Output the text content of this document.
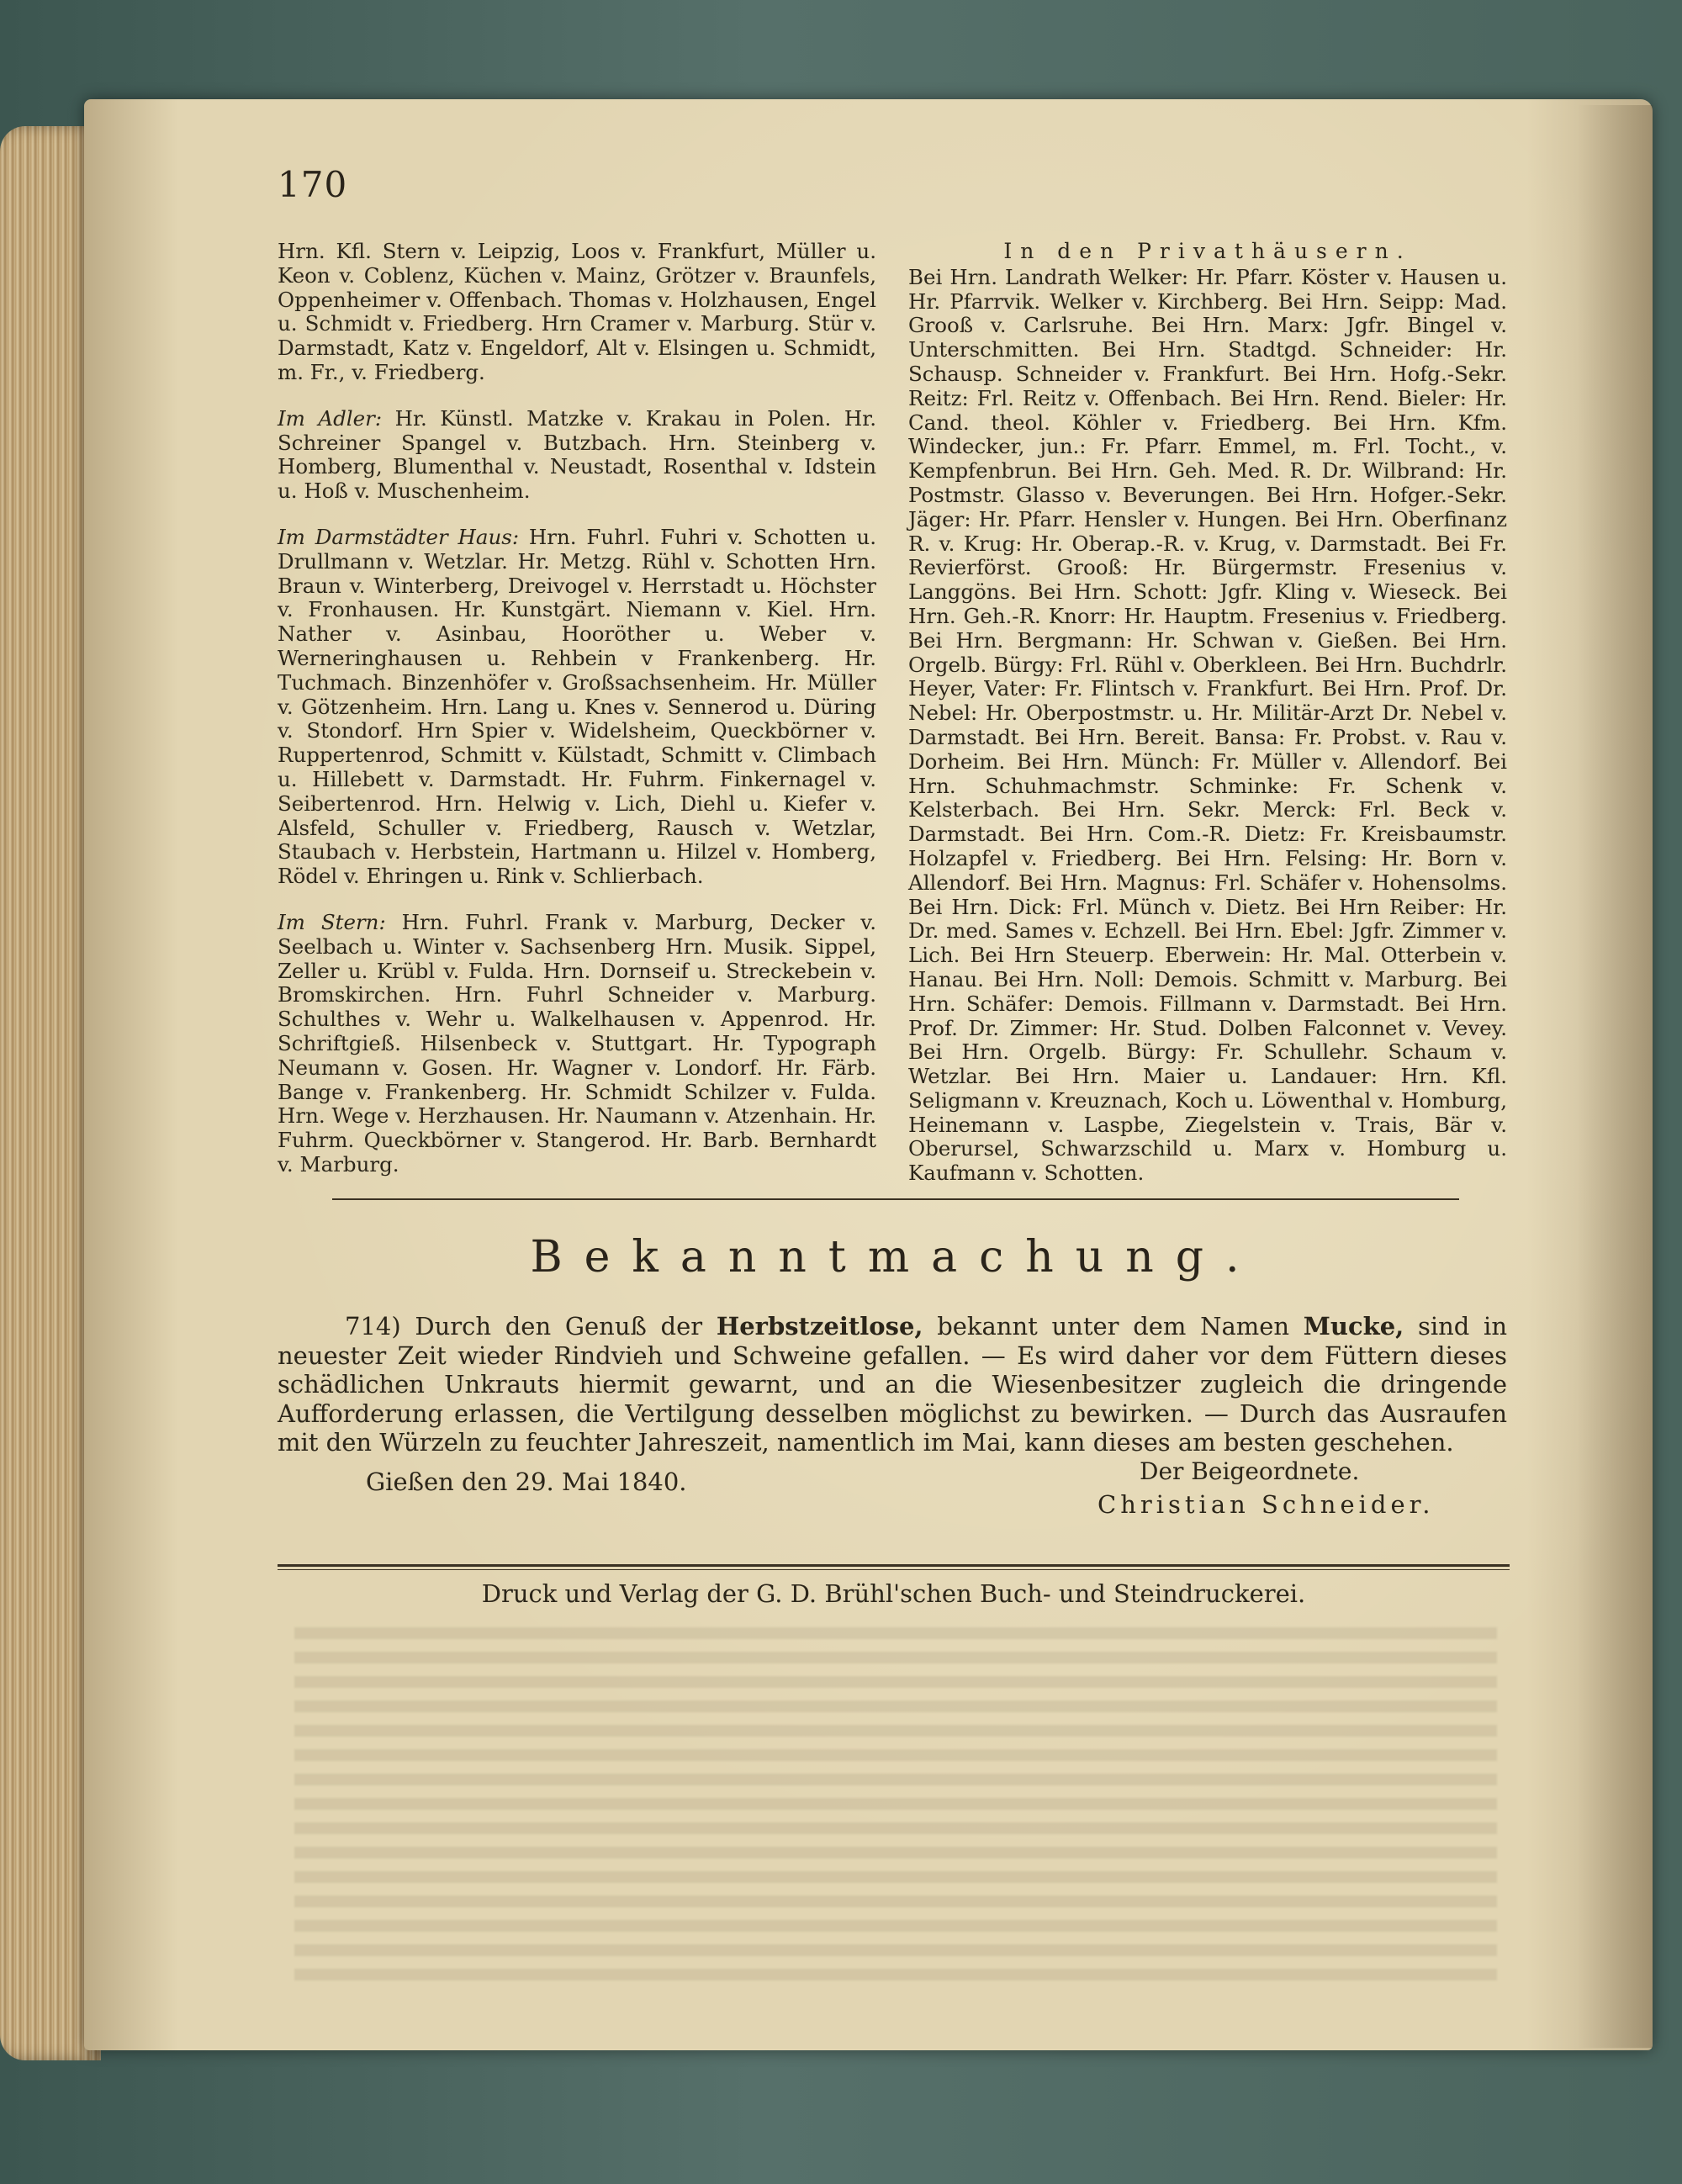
170

Hrn. Kfl. Stern v. Leipzig, Loos v. Frankfurt, Müller u. Keon v. Coblenz, Küchen v. Mainz, Grötzer v. Braunfels, Oppenheimer v. Offenbach. Thomas v. Holzhausen, Engel u. Schmidt v. Friedberg. Hrn Cramer v. Marburg. Stür v. Darmstadt, Katz v. Engeldorf, Alt v. Elsingen u. Schmidt, m. Fr., v. Friedberg.

Im Adler: Hr. Künstl. Matzke v. Krakau in Polen. Hr. Schreiner Spangel v. Butzbach. Hrn. Steinberg v. Homberg, Blumenthal v. Neustadt, Rosenthal v. Idstein u. Hoß v. Muschenheim.

Im Darmstädter Haus: Hrn. Fuhrl. Fuhri v. Schotten u. Drullmann v. Wetzlar. Hr. Metzg. Rühl v. Schotten Hrn. Braun v. Winterberg, Dreivogel v. Herrstadt u. Höchster v. Fronhausen. Hr. Kunstgärt. Niemann v. Kiel. Hrn. Nather v. Asinbau, Hooröther u. Weber v. Werneringhausen u. Rehbein v Frankenberg. Hr. Tuchmach. Binzenhöfer v. Großsachsenheim. Hr. Müller v. Götzenheim. Hrn. Lang u. Knes v. Sennerod u. Düring v. Stondorf. Hrn Spier v. Widelsheim, Queckbörner v. Ruppertenrod, Schmitt v. Külstadt, Schmitt v. Climbach u. Hillebett v. Darmstadt. Hr. Fuhrm. Finkernagel v. Seibertenrod. Hrn. Helwig v. Lich, Diehl u. Kiefer v. Alsfeld, Schuller v. Friedberg, Rausch v. Wetzlar, Staubach v. Herbstein, Hartmann u. Hilzel v. Homberg, Rödel v. Ehringen u. Rink v. Schlierbach.

Im Stern: Hrn. Fuhrl. Frank v. Marburg, Decker v. Seelbach u. Winter v. Sachsenberg Hrn. Musik. Sippel, Zeller u. Krübl v. Fulda. Hrn. Dornseif u. Streckebein v. Bromskirchen. Hrn. Fuhrl Schneider v. Marburg. Schulthes v. Wehr u. Walkelhausen v. Appenrod. Hr. Schriftgieß. Hilsenbeck v. Stuttgart. Hr. Typograph Neumann v. Gosen. Hr. Wagner v. Londorf. Hr. Färb. Bange v. Frankenberg. Hr. Schmidt Schilzer v. Fulda. Hrn. Wege v. Herzhausen. Hr. Naumann v. Atzenhain. Hr. Fuhrm. Queckbörner v. Stangerod. Hr. Barb. Bernhardt v. Marburg.

In den Privathäusern.

Bei Hrn. Landrath Welker: Hr. Pfarr. Köster v. Hausen u. Hr. Pfarrvik. Welker v. Kirchberg. Bei Hrn. Seipp: Mad. Grooß v. Carlsruhe. Bei Hrn. Marx: Jgfr. Bingel v. Unterschmitten. Bei Hrn. Stadtgd. Schneider: Hr. Schausp. Schneider v. Frankfurt. Bei Hrn. Hofg.-Sekr. Reitz: Frl. Reitz v. Offenbach. Bei Hrn. Rend. Bieler: Hr. Cand. theol. Köhler v. Friedberg. Bei Hrn. Kfm. Windecker, jun.: Fr. Pfarr. Emmel, m. Frl. Tocht., v. Kempfenbrun. Bei Hrn. Geh. Med. R. Dr. Wilbrand: Hr. Postmstr. Glasso v. Beverungen. Bei Hrn. Hofger.-Sekr. Jäger: Hr. Pfarr. Hensler v. Hungen. Bei Hrn. Oberfinanz R. v. Krug: Hr. Oberap.-R. v. Krug, v. Darmstadt. Bei Fr. Revierförst. Grooß: Hr. Bürgermstr. Fresenius v. Langgöns. Bei Hrn. Schott: Jgfr. Kling v. Wieseck. Bei Hrn. Geh.-R. Knorr: Hr. Hauptm. Fresenius v. Friedberg. Bei Hrn. Bergmann: Hr. Schwan v. Gießen. Bei Hrn. Orgelb. Bürgy: Frl. Rühl v. Oberkleen. Bei Hrn. Buchdrlr. Heyer, Vater: Fr. Flintsch v. Frankfurt. Bei Hrn. Prof. Dr. Nebel: Hr. Oberpostmstr. u. Hr. Militär-Arzt Dr. Nebel v. Darmstadt. Bei Hrn. Bereit. Bansa: Fr. Probst. v. Rau v. Dorheim. Bei Hrn. Münch: Fr. Müller v. Allendorf. Bei Hrn. Schuhmachmstr. Schminke: Fr. Schenk v. Kelsterbach. Bei Hrn. Sekr. Merck: Frl. Beck v. Darmstadt. Bei Hrn. Com.-R. Dietz: Fr. Kreisbaumstr. Holzapfel v. Friedberg. Bei Hrn. Felsing: Hr. Born v. Allendorf. Bei Hrn. Magnus: Frl. Schäfer v. Hohensolms. Bei Hrn. Dick: Frl. Münch v. Dietz. Bei Hrn Reiber: Hr. Dr. med. Sames v. Echzell. Bei Hrn. Ebel: Jgfr. Zimmer v. Lich. Bei Hrn Steuerp. Eberwein: Hr. Mal. Otterbein v. Hanau. Bei Hrn. Noll: Demois. Schmitt v. Marburg. Bei Hrn. Schäfer: Demois. Fillmann v. Darmstadt. Bei Hrn. Prof. Dr. Zimmer: Hr. Stud. Dolben Falconnet v. Vevey. Bei Hrn. Orgelb. Bürgy: Fr. Schullehr. Schaum v. Wetzlar. Bei Hrn. Maier u. Landauer: Hrn. Kfl. Seligmann v. Kreuznach, Koch u. Löwenthal v. Homburg, Heinemann v. Laspbe, Ziegelstein v. Trais, Bär v. Oberursel, Schwarzschild u. Marx v. Homburg u. Kaufmann v. Schotten.

Bekanntmachung.

714) Durch den Genuß der Herbstzeitlose, bekannt unter dem Namen Mucke, sind in neuester Zeit wieder Rindvieh und Schweine gefallen. — Es wird daher vor dem Füttern dieses schädlichen Unkrauts hiermit gewarnt, und an die Wiesenbesitzer zugleich die dringende Aufforderung erlassen, die Vertilgung desselben möglichst zu bewirken. — Durch das Ausraufen mit den Würzeln zu feuchter Jahreszeit, namentlich im Mai, kann dieses am besten geschehen.

Gießen den 29. Mai 1840.	Der Beigeordnete.
Christian Schneider.
Druck und Verlag der G. D. Brühl'schen Buch- und Steindruckerei.
